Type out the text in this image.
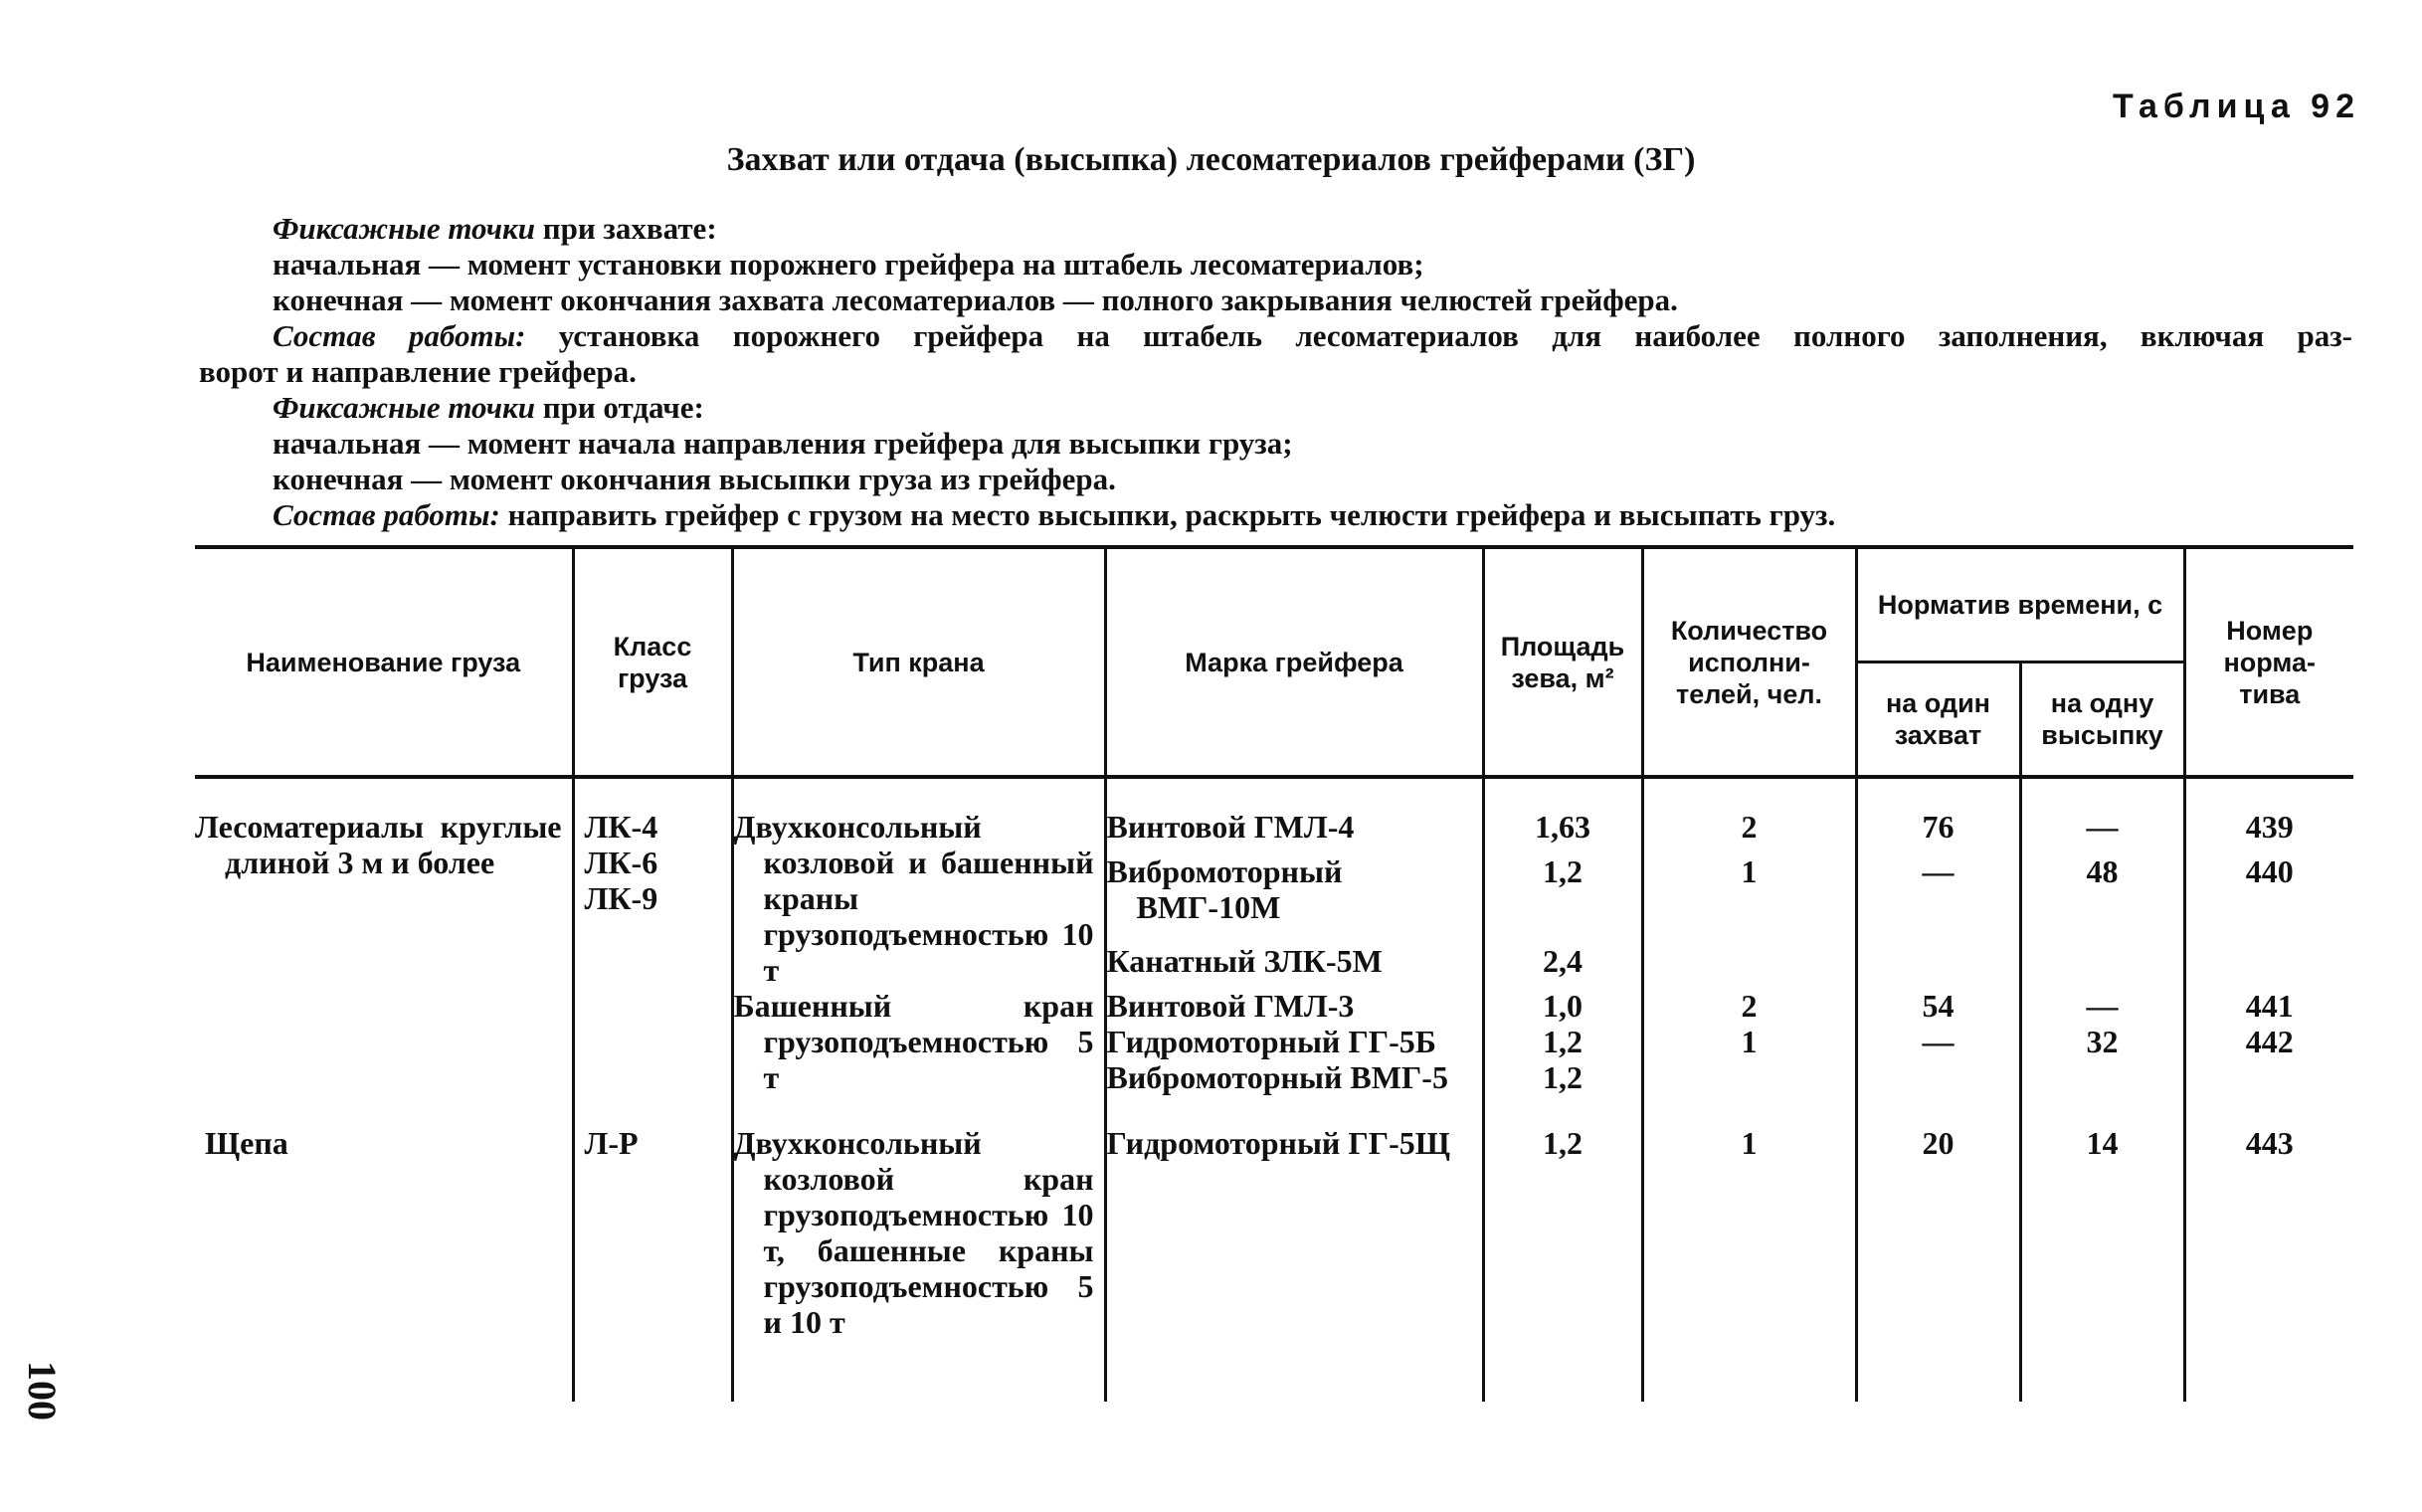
Таблица 92
Захват или отдача (высыпка) лесоматериалов грейферами (ЗГ)

Фиксажные точки при захвате:

начальная — момент установки порожнего грейфера на штабель лесоматериалов;

конечная — момент окончания захвата лесоматериалов — полного закрывания челюстей грейфера.

Состав работы: установка порожнего грейфера на штабель лесоматериалов для наиболее полного заполнения, включая раз-

ворот и направление грейфера.

Фиксажные точки при отдаче:

начальная — момент начала направления грейфера для высыпки груза;

конечная — момент окончания высыпки груза из грейфера.

Состав работы: направить грейфер с грузом на место высыпки, раскрыть челюсти грейфера и высыпать груз.

Наименование груза	Класс груза	Тип крана	Марка грейфера	Площадь зева, м²	Количество исполни- телей, чел.	Норматив времени, с		Номер норма- тива
						на один захват	на одну высыпку	

Лесоматериалы круглые длиной 3 м и более	ЛК-4
ЛК-6
ЛК-9	Двухконсольный козловой и башенный краны грузоподъемностью 10 т	Винтовой ГМЛ-4	1,63	2	76	—	439
			Вибромоторный ВМГ-10М	1,2	1	—	48	440
			Канатный ЗЛК-5М	2,4				
		Башенный кран грузоподъемностью 5 т	Винтовой ГМЛ-3	1,0	2	54	—	441
			Гидромоторный ГГ-5Б	1,2	1	—	32	442
			Вибромоторный ВМГ-5	1,2				

Щепа	Л-Р	Двухконсольный козловой кран грузоподъемностью 10 т, башенные краны грузоподъемностью 5 и 10 т	Гидромоторный ГГ-5Щ	1,2	1	20	14	443

100
